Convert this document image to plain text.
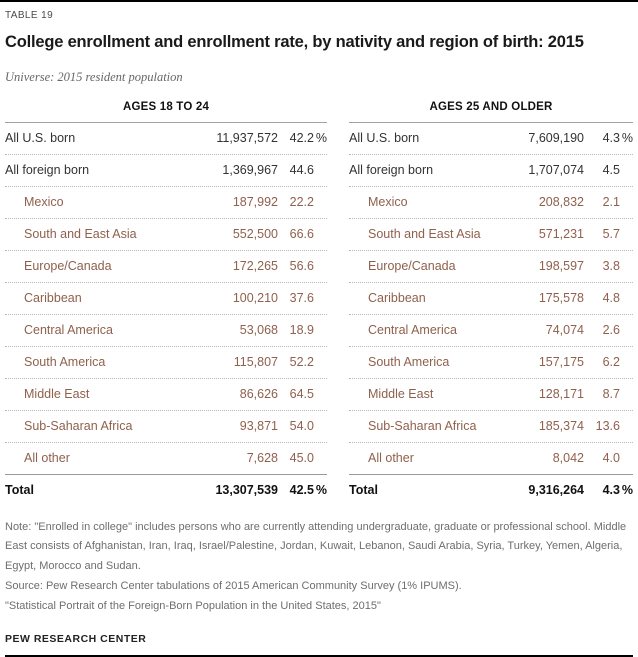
TABLE 19
College enrollment and enrollment rate, by nativity and region of birth: 2015
Universe: 2015 resident population
AGES 18 TO 24
All U.S. born	11,937,572 42.2 %
All foreign born	1,369,967 44.6
Mexico	187,992 22.2
South and East Asia	552,500 66.6
Europe/Canada	172,265 56.6
Caribbean	100,210 37.6
Central America	53,068 18.9
South America	115,807 52.2
Middle East	86,626 64.5
Sub-Saharan Africa	93,871 54.0
All other	7,628 45.0
Total	13,307,539 42.5 %
AGES 25 AND OLDER
All U.S. born	7,609,190	4.3 %
All foreign born	1,707,074	4.5
Mexico	208,832	2.1
South and East Asia	571,231	5.7
Europe/Canada	198,597	3.8
Caribbean	175,578	4.8
Central America	74,074	2.6
South America	157,175	6.2
Middle East	128,171	8.7
Sub-Saharan Africa	185,374 13.6
All other	8,042	4.0
Total	9,316,264	4.3 %

Note: "Enrolled in college" includes persons who are currently attending undergraduate, graduate or professional school. Middle East consists of Afghanistan, Iran, Iraq, Israel/Palestine, Jordan, Kuwait, Lebanon, Saudi Arabia, Syria, Turkey, Yemen, Algeria, Egypt, Morocco and Sudan.

Source: Pew Research Center tabulations of 2015 American Community Survey (1% IPUMS).

"Statistical Portrait of the Foreign-Born Population in the United States, 2015"

PEW RESEARCH CENTER
